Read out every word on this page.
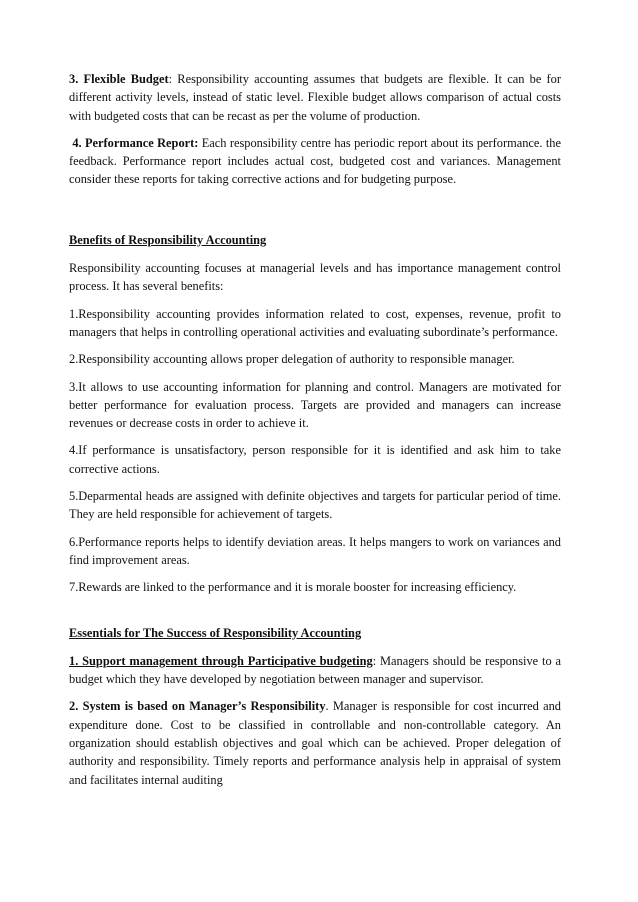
3. Flexible Budget: Responsibility accounting assumes that budgets are flexible. It can be for different activity levels, instead of static level. Flexible budget allows comparison of actual costs with budgeted costs that can be recast as per the volume of production.

4. Performance Report: Each responsibility centre has periodic report about its performance. the feedback. Performance report includes actual cost, budgeted cost and variances. Management consider these reports for taking corrective actions and for budgeting purpose.

Benefits of Responsibility Accounting

Responsibility accounting focuses at managerial levels and has importance management control process. It has several benefits:

1.Responsibility accounting provides information related to cost, expenses, revenue, profit to managers that helps in controlling operational activities and evaluating subordinate’s performance.

2.Responsibility accounting allows proper delegation of authority to responsible manager.

3.It allows to use accounting information for planning and control. Managers are motivated for better performance for evaluation process. Targets are provided and managers can increase revenues or decrease costs in order to achieve it.

4.If performance is unsatisfactory, person responsible for it is identified and ask him to take corrective actions.

5.Deparmental heads are assigned with definite objectives and targets for particular period of time. They are held responsible for achievement of targets.

6.Performance reports helps to identify deviation areas. It helps mangers to work on variances and find improvement areas.

7.Rewards are linked to the performance and it is morale booster for increasing efficiency.

Essentials for The Success of Responsibility Accounting

1. Support management through Participative budgeting: Managers should be responsive to a budget which they have developed by negotiation between manager and supervisor.

2. System is based on Manager’s Responsibility. Manager is responsible for cost incurred and expenditure done. Cost to be classified in controllable and non-controllable category. An organization should establish objectives and goal which can be achieved. Proper delegation of authority and responsibility. Timely reports and performance analysis help in appraisal of system and facilitates internal auditing
